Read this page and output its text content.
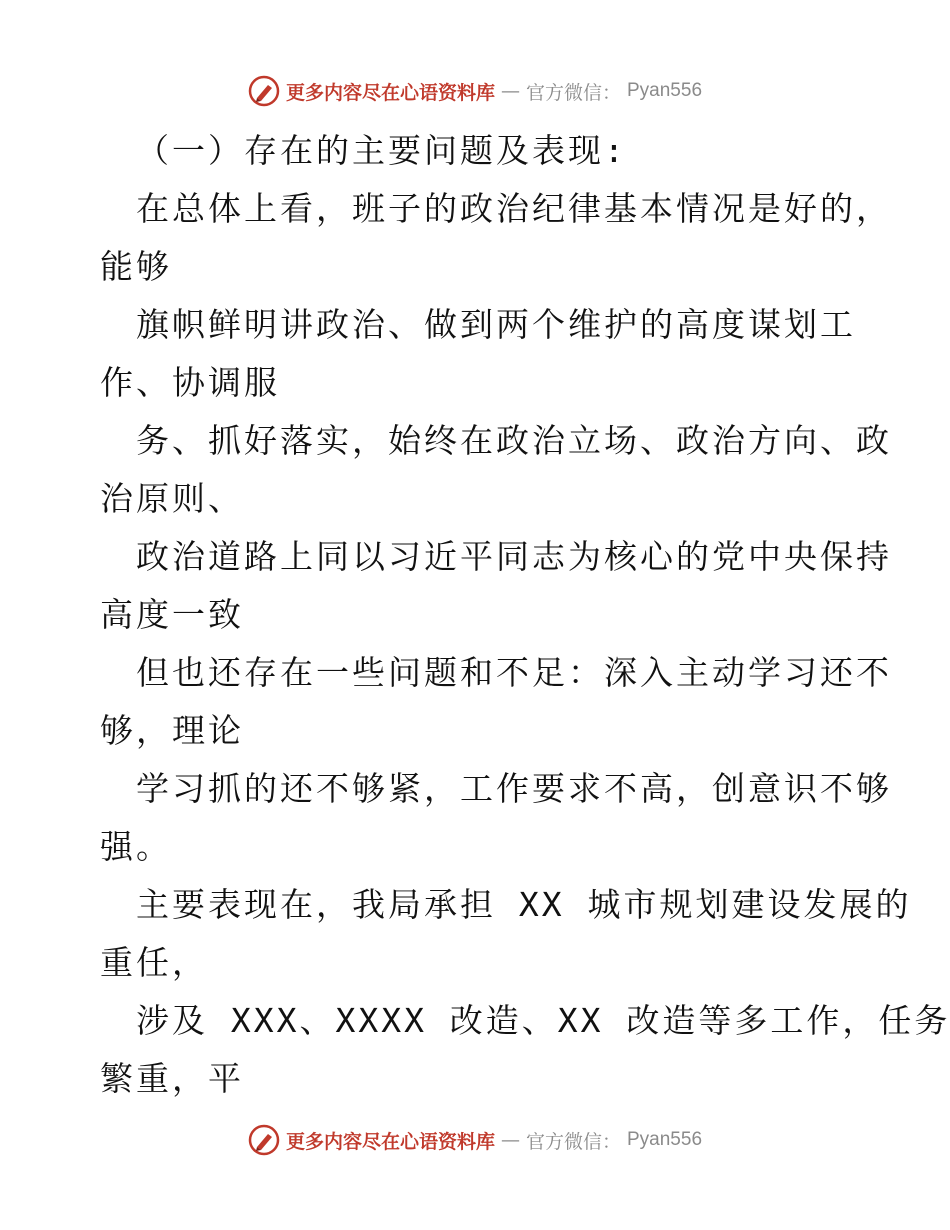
更多内容尽在心语资料库 — 官方微信： Pyan556
（一）存在的主要问题及表现:
在总体上看，班子的政治纪律基本情况是好的，
能够
旗帜鲜明讲政治、做到两个维护的高度谋划工
作、协调服
务、抓好落实，始终在政治立场、政治方向、政
治原则、
政治道路上同以习近平同志为核心的党中央保持
高度一致
但也还存在一些问题和不足：深入主动学习还不
够，理论
学习抓的还不够紧，工作要求不高，创意识不够
强。
主要表现在，我局承担 XX 城市规划建设发展的
重任，
涉及 XXX、XXXX 改造、XX 改造等多工作，任务
繁重，平
更多内容尽在心语资料库 — 官方微信： Pyan556
